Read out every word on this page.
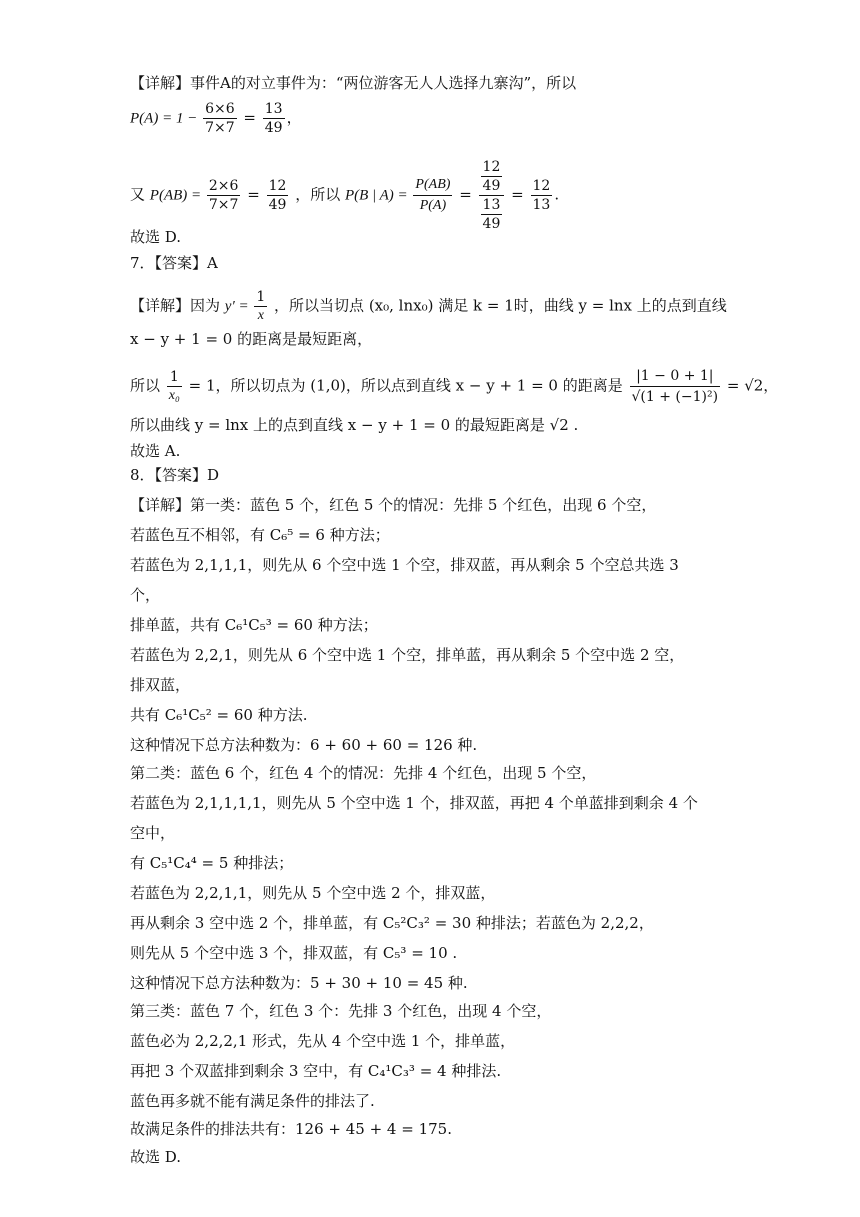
【详解】事件A的对立事件为：“两位游客无人人选择九寨沟”，所以
$P(A) = 1 - \frac{6\times 6}{7\times 7} = \frac{13}{49}$ ，
又 $P(AB) = \frac{2\times 6}{7\times 7} = \frac{12}{49}$ ，所以 P(B | $A) = \frac{P(AB)}{P(A)} = \frac{\frac{12}{49}}{\frac{13}{49}} = \frac{12}{13}$ .
故选 D.
7．【答案】A
【详解】因为 $y' = \frac{1}{x}$ ，所以当切点 (x₀, lnx₀) 满足 k = 1时，曲线 y = lnx 上的点到直线
x − y + 1 = 0 的距离是最短距离，
所以 $\frac{1}{\text{x₀}} = 1$，所以切点为 (1,0)，所以点到直线 x − y + 1 = 0 的距离是 $\frac{|1 - 0 + 1|}{\text{√(1 + (−1)²)}} = √2$，
所以曲线 y = lnx 上的点到直线 x − y + 1 = 0 的最短距离是 √2 .
故选 A.
8．【答案】D
【详解】第一类：蓝色 5 个，红色 5 个的情况：先排 5 个红色，出现 6 个空，
若蓝色互不相邻，有 C₆⁵ = 6 种方法；
若蓝色为 2,1,1,1，则先从 6 个空中选 1 个空，排双蓝，再从剩余 5 个空总共选 3
个，
排单蓝，共有 C₆¹C₅³ = 60 种方法；
若蓝色为 2,2,1，则先从 6 个空中选 1 个空，排单蓝，再从剩余 5 个空中选 2 空，
排双蓝，
共有 C₆¹C₅² = 60 种方法.
这种情况下总方法种数为：6 + 60 + 60 = 126 种.
第二类：蓝色 6 个，红色 4 个的情况：先排 4 个红色，出现 5 个空，
若蓝色为 2,1,1,1,1，则先从 5 个空中选 1 个，排双蓝，再把 4 个单蓝排到剩余 4 个
空中，
有 C₅¹C₄⁴ = 5 种排法；
若蓝色为 2,2,1,1，则先从 5 个空中选 2 个，排双蓝，
再从剩余 3 空中选 2 个，排单蓝，有 C₅²C₃² = 30 种排法；若蓝色为 2,2,2，
则先从 5 个空中选 3 个，排双蓝，有 C₅³ = 10 .
这种情况下总方法种数为：5 + 30 + 10 = 45 种.
第三类：蓝色 7 个，红色 3 个：先排 3 个红色，出现 4 个空，
蓝色必为 2,2,2,1 形式，先从 4 个空中选 1 个，排单蓝，
再把 3 个双蓝排到剩余 3 空中，有 C₄¹C₃³ = 4 种排法.
蓝色再多就不能有满足条件的排法了.
故满足条件的排法共有：126 + 45 + 4 = 175.
故选 D.
